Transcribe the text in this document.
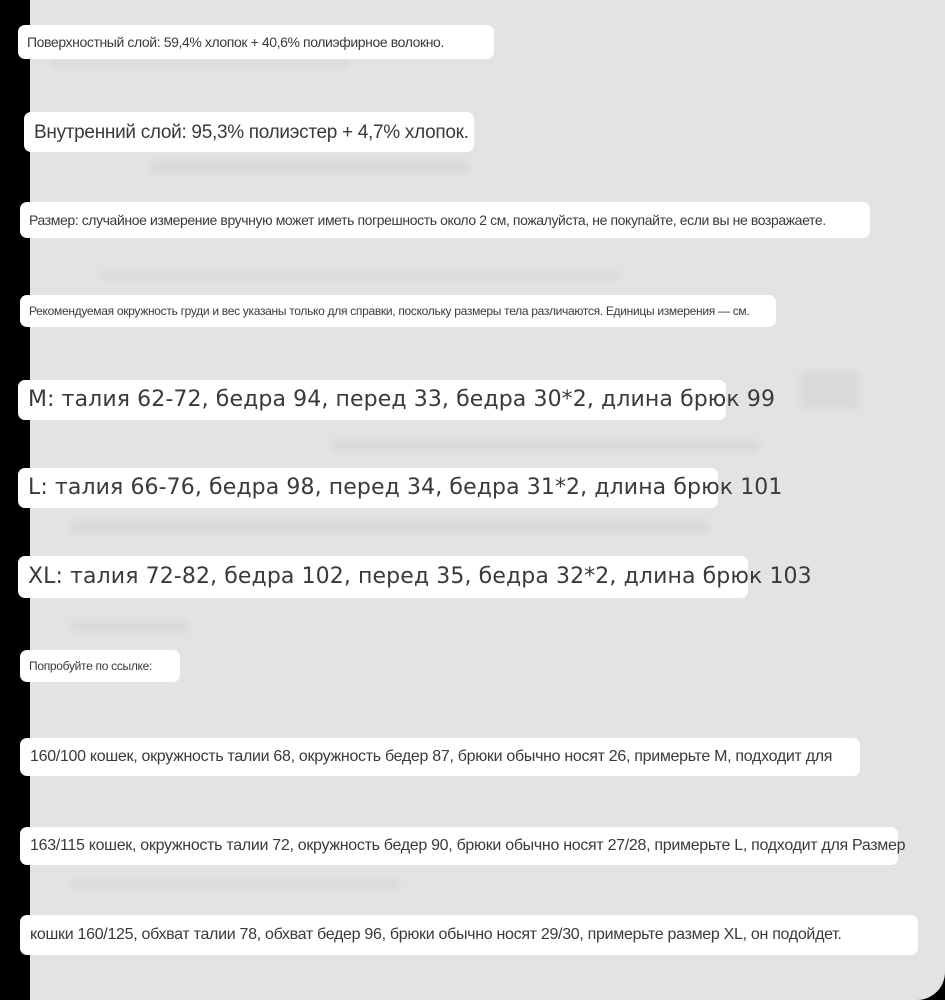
Поверхностный слой: 59,4% хлопок + 40,6% полиэфирное волокно.
Внутренний слой: 95,3% полиэстер + 4,7% хлопок.
Размер: случайное измерение вручную может иметь погрешность около 2 см, пожалуйста, не покупайте, если вы не возражаете.
Рекомендуемая окружность груди и вес указаны только для справки, поскольку размеры тела различаются. Единицы измерения — см.
M: талия 62-72, бедра 94, перед 33, бедра 30*2, длина брюк 99
L: талия 66-76, бедра 98, перед 34, бедра 31*2, длина брюк 101
XL: талия 72-82, бедра 102, перед 35, бедра 32*2, длина брюк 103
Попробуйте по ссылке:
160/100 кошек, окружность талии 68, окружность бедер 87, брюки обычно носят 26, примерьте M, подходит для
163/115 кошек, окружность талии 72, окружность бедер 90, брюки обычно носят 27/28, примерьте L, подходит для Размер
кошки 160/125, обхват талии 78, обхват бедер 96, брюки обычно носят 29/30, примерьте размер XL, он подойдет.
